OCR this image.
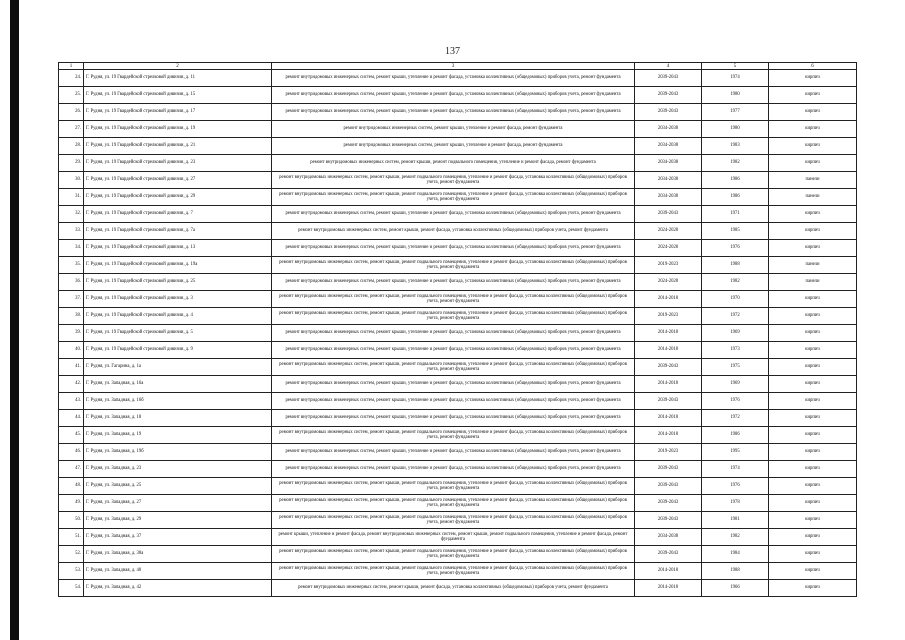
137
1	2	3	4	5	6
24.	Г. Рудня, ул. 19 Гвардейской стрелковой дивизии, д. 11	ремонт внутридомовых инженерных систем, ремонт крыши, утепление и ремонт фасада, установка коллективных (общедомовых) приборов учета, ремонт фундамента	2039-2043	1974	кирпич
25.	Г. Рудня, ул. 19 Гвардейской стрелковой дивизии, д. 15	ремонт внутридомовых инженерных систем, ремонт крыши, утепление и ремонт фасада, установка коллективных (общедомовых) приборов учета, ремонт фундамента	2039-2043	1980	кирпич
26.	Г. Рудня, ул. 19 Гвардейской стрелковой дивизии, д. 17	ремонт внутридомовых инженерных систем, ремонт крыши, утепление и ремонт фасада, установка коллективных (общедомовых) приборов учета, ремонт фундамента	2039-2043	1977	кирпич
27.	Г. Рудня, ул. 19 Гвардейской стрелковой дивизии, д. 19	ремонт внутридомовых инженерных систем, ремонт крыши, утепление и ремонт фасада, ремонт фундамента	2034-2038	1980	кирпич
28.	Г. Рудня, ул. 19 Гвардейской стрелковой дивизии, д. 21	ремонт внутридомовых инженерных систем, ремонт крыши, утепление и ремонт фасада, ремонт фундамента	2034-2038	1983	кирпич
29.	Г. Рудня, ул. 19 Гвардейской стрелковой дивизии, д. 23	ремонт внутридомовых инженерных систем, ремонт крыши, ремонт подвального помещения, утепление и ремонт фасада, ремонт фундамента	2034-2038	1982	кирпич
30.	Г. Рудня, ул. 19 Гвардейской стрелковой дивизии, д. 27	ремонт внутридомовых инженерных систем, ремонт крыши, ремонт подвального помещения, утепление и ремонт фасада, установка коллективных (общедомовых) приборов учета, ремонт фундамента	2034-2038	1986	панели
31.	Г. Рудня, ул. 19 Гвардейской стрелковой дивизии, д. 29	ремонт внутридомовых инженерных систем, ремонт крыши, ремонт подвального помещения, утепление и ремонт фасада, установка коллективных (общедомовых) приборов учета, ремонт фундамента	2034-2038	1986	панели
32.	Г. Рудня, ул. 19 Гвардейской стрелковой дивизии, д. 7	ремонт внутридомовых инженерных систем, ремонт крыши, утепление и ремонт фасада, установка коллективных (общедомовых) приборов учета, ремонт фундамента	2039-2043	1971	кирпич
33.	Г. Рудня, ул. 19 Гвардейской стрелковой дивизии, д. 7а	ремонт внутридомовых инженерных систем, ремонт крыши, ремонт фасада, установка коллективных (общедомовых) приборов учета, ремонт фундамента	2024-2028	1985	кирпич
34.	Г. Рудня, ул. 19 Гвардейской стрелковой дивизии, д. 13	ремонт внутридомовых инженерных систем, ремонт крыши, утепление и ремонт фасада, установка коллективных (общедомовых) приборов учета, ремонт фундамента	2024-2028	1976	кирпич
35.	Г. Рудня, ул. 19 Гвардейской стрелковой дивизии, д. 19а	ремонт внутридомовых инженерных систем, ремонт крыши, ремонт подвального помещения, утепление и ремонт фасада, установка коллективных (общедомовых) приборов учета, ремонт фундамента	2019-2023	1988	панели
36.	Г. Рудня, ул. 19 Гвардейской стрелковой дивизии, д. 25	ремонт внутридомовых инженерных систем, ремонт крыши, утепление и ремонт фасада, установка коллективных (общедомовых) приборов учета, ремонт фундамента	2024-2028	1982	панели
37.	Г. Рудня, ул. 19 Гвардейской стрелковой дивизии, д. 3	ремонт внутридомовых инженерных систем, ремонт крыши, ремонт подвального помещения, утепление и ремонт фасада, установка коллективных (общедомовых) приборов учета, ремонт фундамента	2014-2018	1970	кирпич
38.	Г. Рудня, ул. 19 Гвардейской стрелковой дивизии, д. 4	ремонт внутридомовых инженерных систем, ремонт крыши, ремонт подвального помещения, утепление и ремонт фасада, установка коллективных (общедомовых) приборов учета, ремонт фундамента	2019-2023	1972	кирпич
39.	Г. Рудня, ул. 19 Гвардейской стрелковой дивизии, д. 5	ремонт внутридомовых инженерных систем, ремонт крыши, утепление и ремонт фасада, установка коллективных (общедомовых) приборов учета, ремонт фундамента	2014-2018	1969	кирпич
40.	Г. Рудня, ул. 19 Гвардейской стрелковой дивизии, д. 9	ремонт внутридомовых инженерных систем, ремонт крыши, утепление и ремонт фасада, установка коллективных (общедомовых) приборов учета, ремонт фундамента	2014-2018	1973	кирпич
41.	Г. Рудня, ул. Гагарина, д. 1а	ремонт внутридомовых инженерных систем, ремонт крыши, ремонт подвального помещения, утепление и ремонт фасада, установка коллективных (общедомовых) приборов учета, ремонт фундамента	2039-2043	1975	кирпич
42.	Г. Рудня, ул. Западная, д. 16а	ремонт внутридомовых инженерных систем, ремонт крыши, утепление и ремонт фасада, установка коллективных (общедомовых) приборов учета, ремонт фундамента	2014-2018	1969	кирпич
43.	Г. Рудня, ул. Западная, д. 16б	ремонт внутридомовых инженерных систем, ремонт крыши, утепление и ремонт фасада, установка коллективных (общедомовых) приборов учета, ремонт фундамента	2039-2043	1976	кирпич
44.	Г. Рудня, ул. Западная, д. 18	ремонт внутридомовых инженерных систем, ремонт крыши, утепление и ремонт фасада, установка коллективных (общедомовых) приборов учета, ремонт фундамента	2014-2018	1972	кирпич
45.	Г. Рудня, ул. Западная, д. 19	ремонт внутридомовых инженерных систем, ремонт крыши, ремонт подвального помещения, утепление и ремонт фасада, установка коллективных (общедомовых) приборов учета, ремонт фундамента	2014-2018	1986	кирпич
46.	Г. Рудня, ул. Западная, д. 19б	ремонт внутридомовых инженерных систем, ремонт крыши, утепление и ремонт фасада, установка коллективных (общедомовых) приборов учета, ремонт фундамента	2019-2023	1995	кирпич
47.	Г. Рудня, ул. Западная, д. 23	ремонт внутридомовых инженерных систем, ремонт крыши, утепление и ремонт фасада, установка коллективных (общедомовых) приборов учета, ремонт фундамента	2039-2043	1974	кирпич
48.	Г. Рудня, ул. Западная, д. 25	ремонт внутридомовых инженерных систем, ремонт крыши, ремонт подвального помещения, утепление и ремонт фасада, установка коллективных (общедомовых) приборов учета, ремонт фундамента	2039-2043	1976	кирпич
49.	Г. Рудня, ул. Западная, д. 27	ремонт внутридомовых инженерных систем, ремонт крыши, ремонт подвального помещения, утепление и ремонт фасада, установка коллективных (общедомовых) приборов учета, ремонт фундамента	2039-2043	1978	кирпич
50.	Г. Рудня, ул. Западная, д. 29	ремонт внутридомовых инженерных систем, ремонт крыши, ремонт подвального помещения, утепление и ремонт фасада, установка коллективных (общедомовых) приборов учета, ремонт фундамента	2039-2043	1981	кирпич
51.	Г. Рудня, ул. Западная, д. 37	ремонт крыши, утепление и ремонт фасада, ремонт внутридомовых инженерных систем, ремонт крыши, ремонт подвального помещения, утепление и ремонт фасада, ремонт фундамента	2034-2038	1982	кирпич
52.	Г. Рудня, ул. Западная, д. 38а	ремонт внутридомовых инженерных систем, ремонт крыши, ремонт подвального помещения, утепление и ремонт фасада, установка коллективных (общедомовых) приборов учета, ремонт фундамента	2039-2043	1984	кирпич
53.	Г. Рудня, ул. Западная, д. 40	ремонт внутридомовых инженерных систем, ремонт крыши, ремонт подвального помещения, утепление и ремонт фасада, установка коллективных (общедомовых) приборов учета, ремонт фундамента	2014-2018	1988	кирпич
54.	Г. Рудня, ул. Западная, д. 42	ремонт внутридомовых инженерных систем, ремонт крыши, ремонт фасада, установка коллективных (общедомовых) приборов учета, ремонт фундамента	2014-2018	1966	кирпич
